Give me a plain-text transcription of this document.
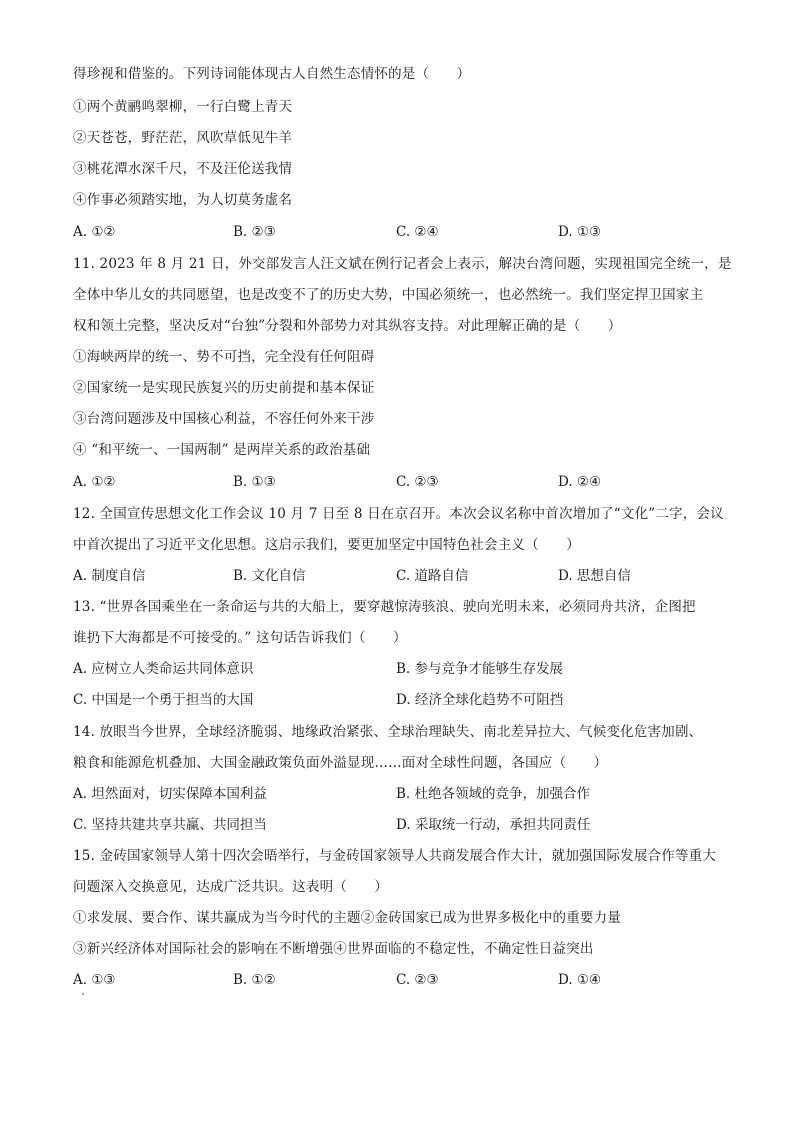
得珍视和借鉴的。下列诗词能体现古人自然生态情怀的是（　　）
①两个黄鹂鸣翠柳，一行白鹭上青天
②天苍苍，野茫茫，风吹草低见牛羊
③桃花潭水深千尺，不及汪伦送我情
④作事必须踏实地，为人切莫务虚名
A. ①②	B. ②③	C. ②④	D. ①③
11. 2023 年 8 月 21 日，外交部发言人汪文斌在例行记者会上表示，解决台湾问题，实现祖国完全统一，是
全体中华儿女的共同愿望，也是改变不了的历史大势，中国必须统一，也必然统一。我们坚定捍卫国家主
权和领土完整，坚决反对“台独”分裂和外部势力对其纵容支持。对此理解正确的是（　　）
①海峡两岸的统一、势不可挡，完全没有任何阻碍
②国家统一是实现民族复兴的历史前提和基本保证
③台湾问题涉及中国核心利益，不容任何外来干涉
④ “和平统一、一国两制” 是两岸关系的政治基础
A. ①②	B. ①③	C. ②③	D. ②④
12. 全国宣传思想文化工作会议 10 月 7 日至 8 日在京召开。本次会议名称中首次增加了“文化”二字，会议
中首次提出了习近平文化思想。这启示我们，要更加坚定中国特色社会主义（　　）
A. 制度自信	B. 文化自信	C. 道路自信	D. 思想自信
13. “世界各国乘坐在一条命运与共的大船上，要穿越惊涛骇浪、驶向光明未来，必须同舟共济，企图把
谁扔下大海都是不可接受的。” 这句话告诉我们（　　）
A. 应树立人类命运共同体意识	B. 参与竞争才能够生存发展
C. 中国是一个勇于担当的大国	D. 经济全球化趋势不可阻挡
14. 放眼当今世界，全球经济脆弱、地缘政治紧张、全球治理缺失、南北差异拉大、气候变化危害加剧、
粮食和能源危机叠加、大国金融政策负面外溢显现……面对全球性问题，各国应（　　）
A. 坦然面对，切实保障本国利益	B. 杜绝各领域的竞争，加强合作
C. 坚持共建共享共赢、共同担当	D. 采取统一行动，承担共同责任
15. 金砖国家领导人第十四次会晤举行，与金砖国家领导人共商发展合作大计，就加强国际发展合作等重大
问题深入交换意见，达成广泛共识。这表明（　　）
①求发展、要合作、谋共赢成为当今时代的主题②金砖国家已成为世界多极化中的重要力量
③新兴经济体对国际社会的影响在不断增强④世界面临的不稳定性，不确定性日益突出
A. ①③	B. ①②	C. ②③	D. ①④
